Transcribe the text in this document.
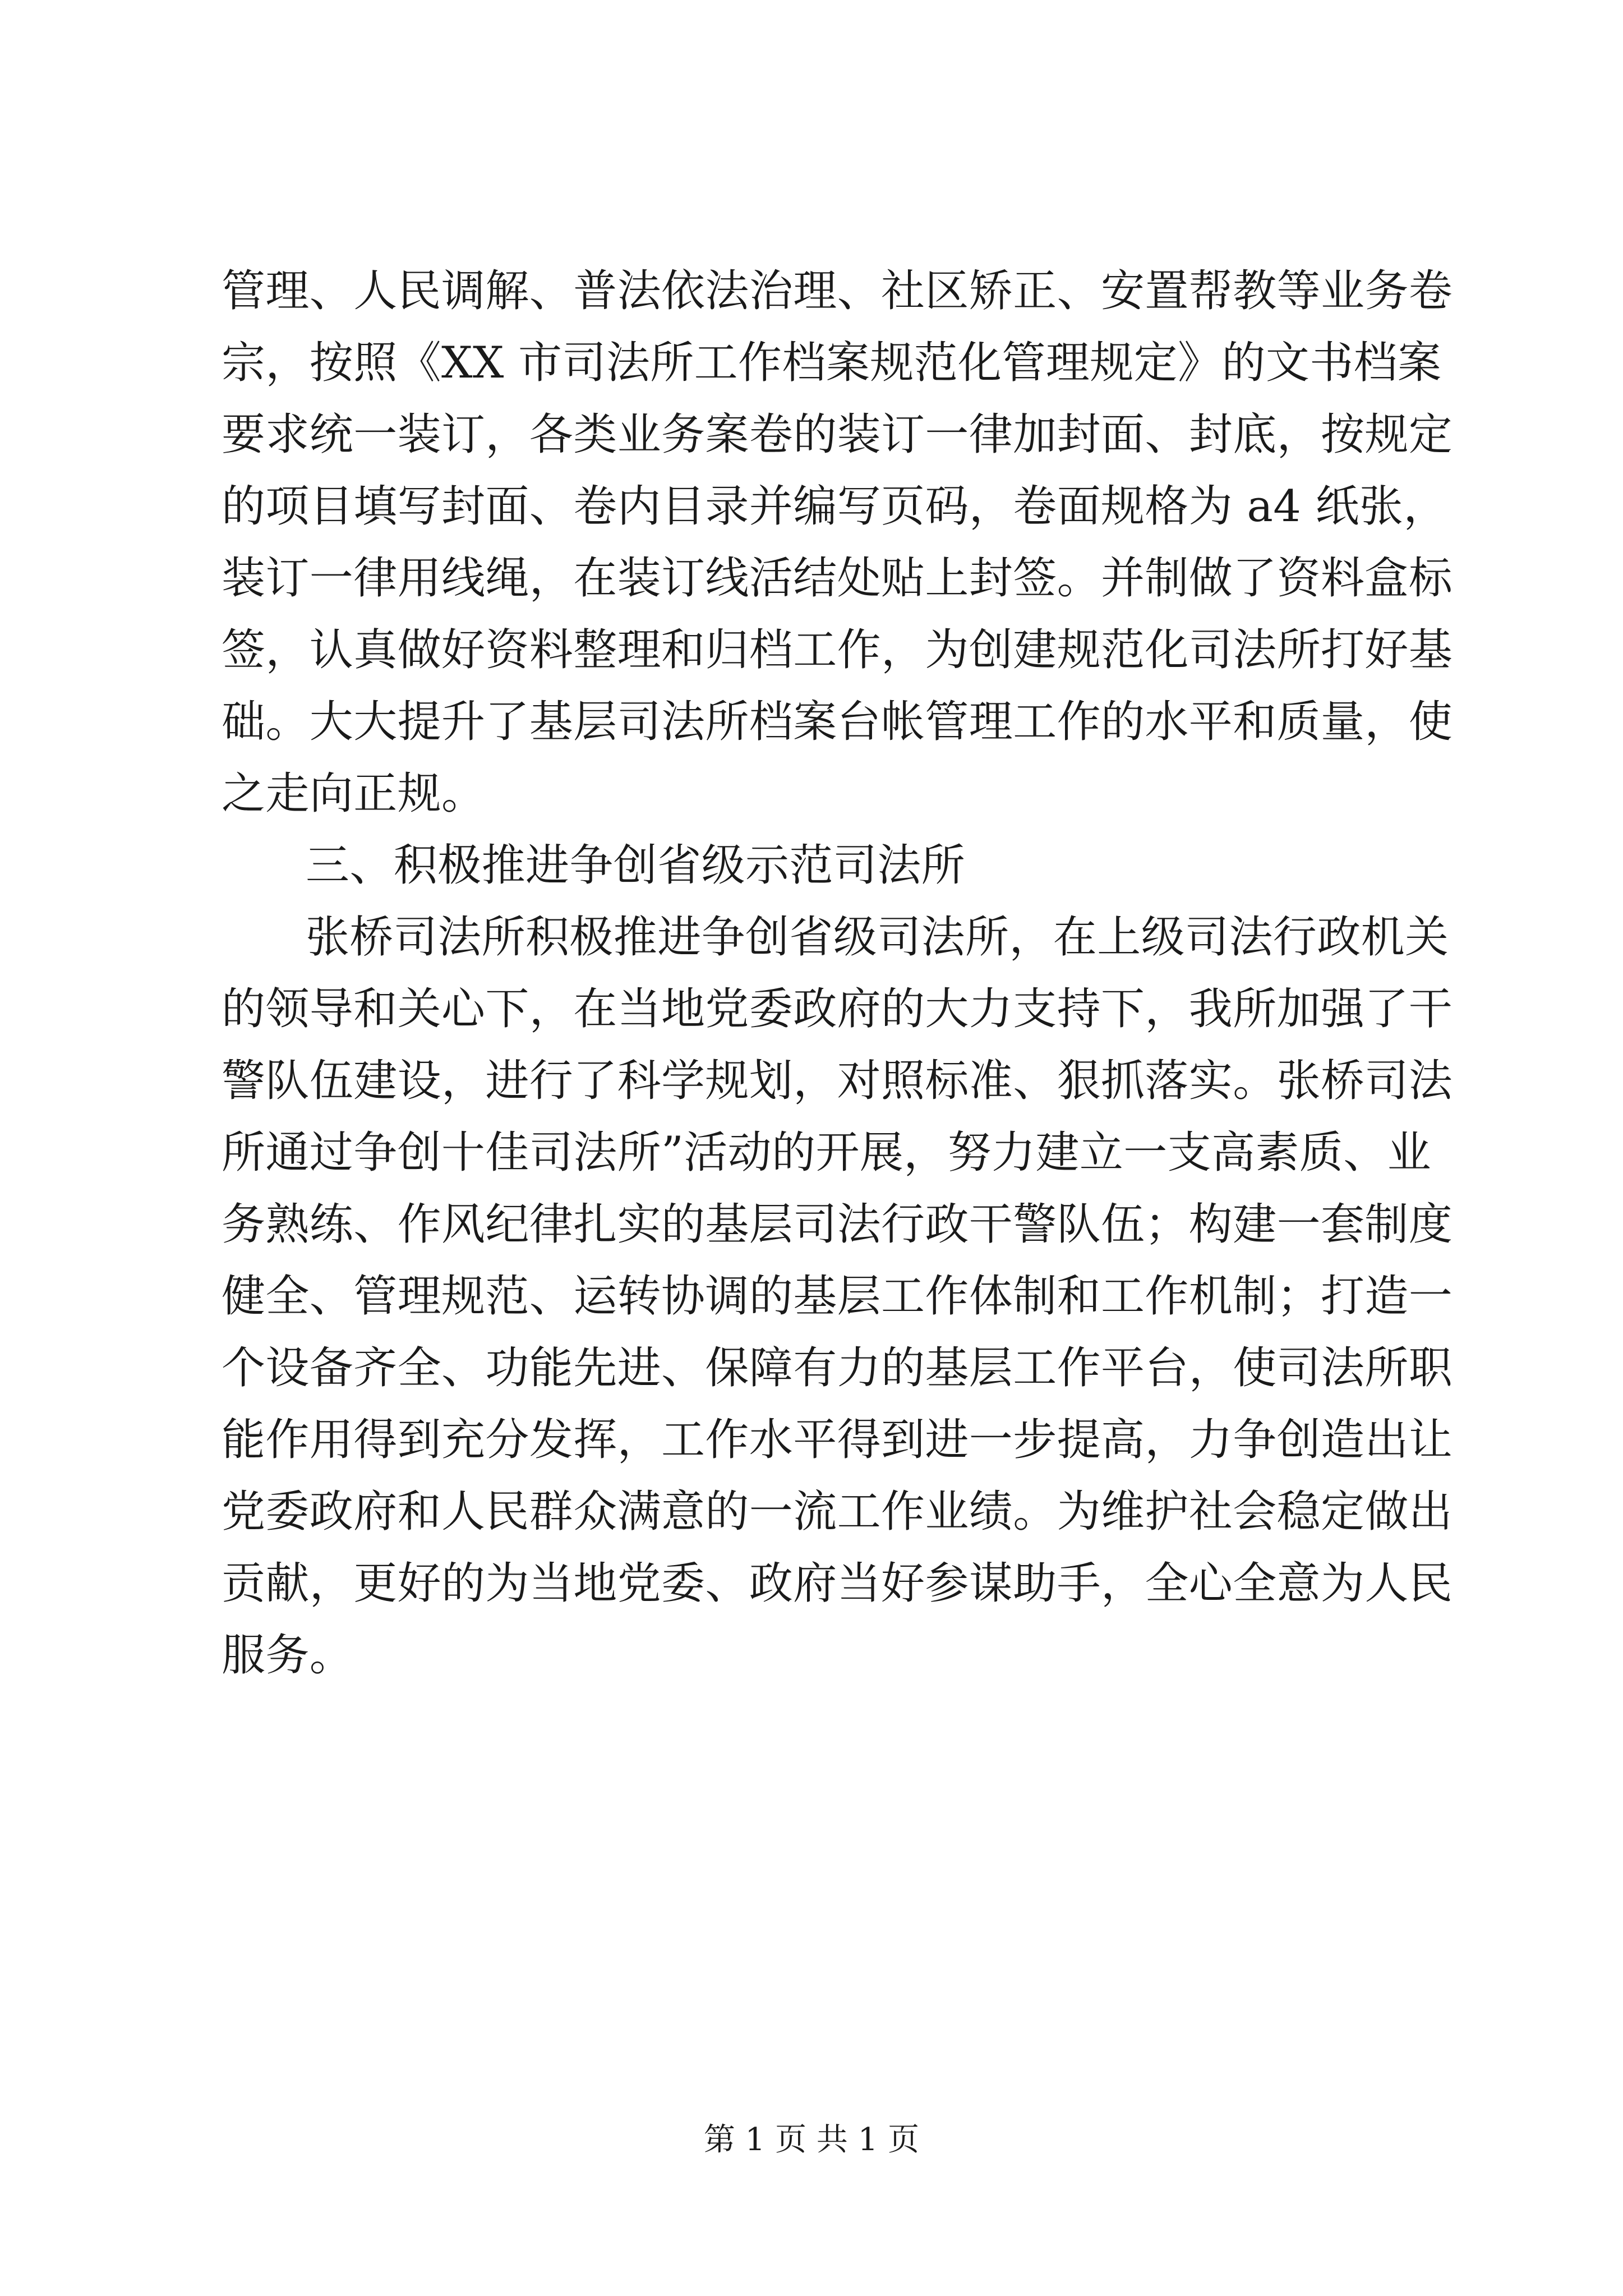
管理、人民调解、普法依法治理、社区矫正、安置帮教等业务卷
宗，按照《XX 市司法所工作档案规范化管理规定》的文书档案
要求统一装订，各类业务案卷的装订一律加封面、封底，按规定
的项目填写封面、卷内目录并编写页码，卷面规格为 a4 纸张，
装订一律用线绳，在装订线活结处贴上封签。并制做了资料盒标
签，认真做好资料整理和归档工作，为创建规范化司法所打好基
础。大大提升了基层司法所档案台帐管理工作的水平和质量，使
之走向正规。
三、积极推进争创省级示范司法所
张桥司法所积极推进争创省级司法所，在上级司法行政机关
的领导和关心下，在当地党委政府的大力支持下，我所加强了干
警队伍建设，进行了科学规划，对照标准、狠抓落实。张桥司法
所通过争创十佳司法所”活动的开展，努力建立一支高素质、业
务熟练、作风纪律扎实的基层司法行政干警队伍；构建一套制度
健全、管理规范、运转协调的基层工作体制和工作机制；打造一
个设备齐全、功能先进、保障有力的基层工作平台，使司法所职
能作用得到充分发挥，工作水平得到进一步提高，力争创造出让
党委政府和人民群众满意的一流工作业绩。为维护社会稳定做出
贡献，更好的为当地党委、政府当好参谋助手，全心全意为人民
服务。
第 1 页 共 1 页
